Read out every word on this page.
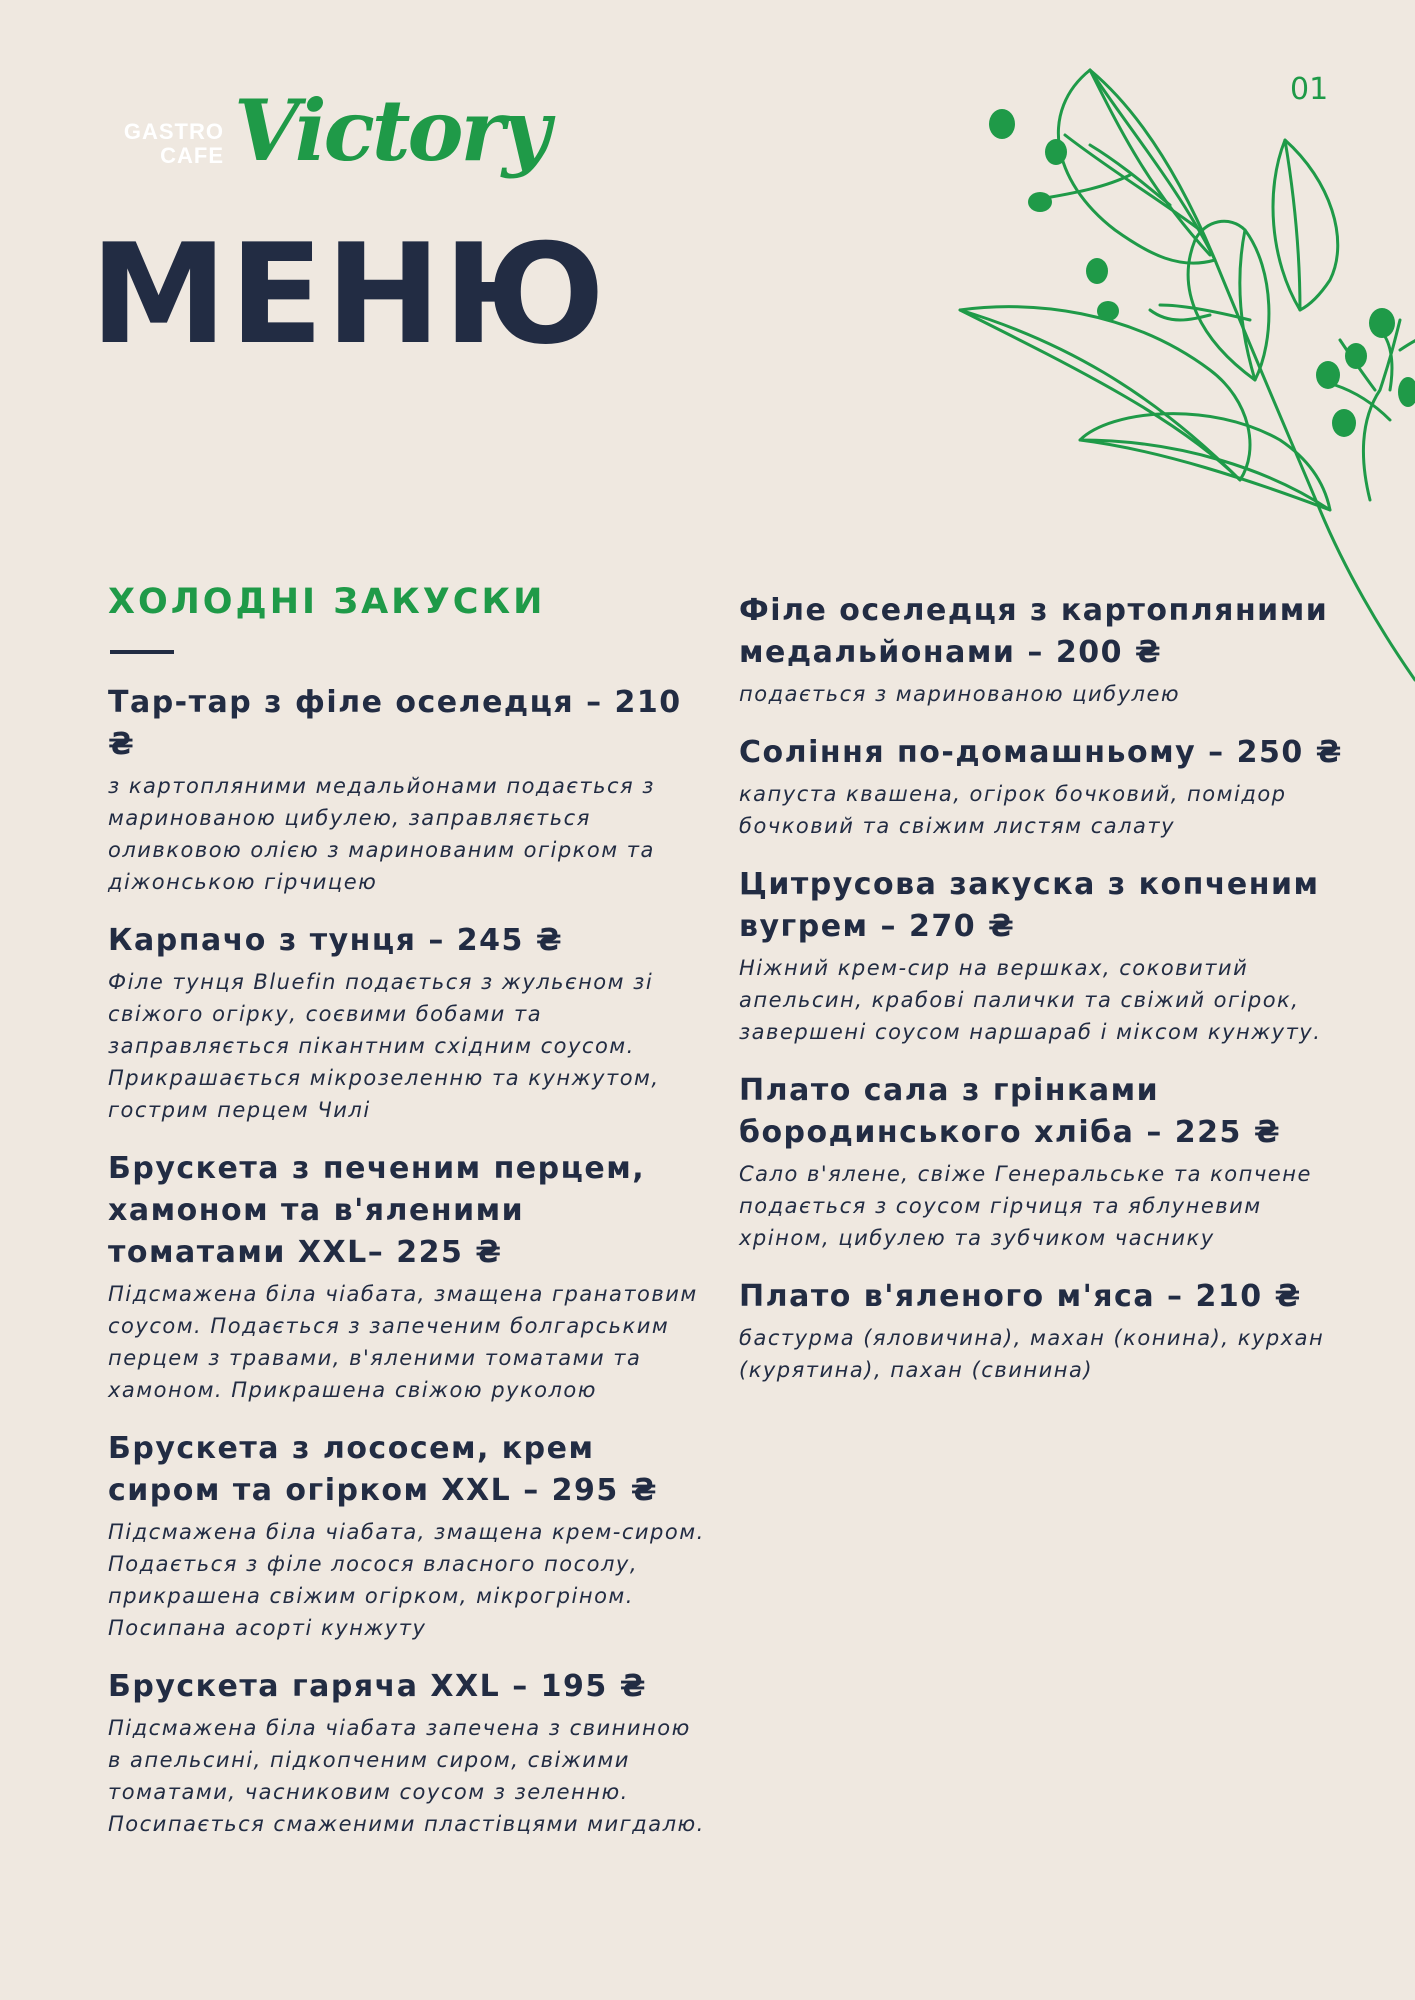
GASTRO
CAFE Victory
МЕНЮ
01
ХОЛОДНІ ЗАКУСКИ
Тар-тар з філе оселедця – 210 ₴

з картопляними медальйонами подається з маринованою цибулею, заправляється оливковою олією з маринованим огірком та діжонською гірчицею

Карпачо з тунця – 245 ₴

Філе тунця Bluefin подається з жульєном зі свіжого огірку, соєвими бобами та заправляється пікантним східним соусом. Прикрашається мікрозеленню та кунжутом, гострим перцем Чилі

Брускета з печеним перцем, хамоном та в'яленими томатами XXL– 225 ₴

Підсмажена біла чіабата, змащена гранатовим соусом. Подається з запеченим болгарським перцем з травами, в'яленими томатами та хамоном. Прикрашена свіжою руколою

Брускета з лососем, крем сиром та огірком XXL – 295 ₴

Підсмажена біла чіабата, змащена крем-сиром. Подається з філе лосося власного посолу, прикрашена свіжим огірком, мікрогріном. Посипана асорті кунжуту

Брускета гаряча XXL – 195 ₴

Підсмажена біла чіабата запечена з свининою в апельсині, підкопченим сиром, свіжими томатами, часниковим соусом з зеленню. Посипається смаженими пластівцями мигдалю.

Філе оселедця з картопляними медальйонами – 200 ₴

подається з маринованою цибулею

Соління по-домашньому – 250 ₴

капуста квашена, огірок бочковий, помідор бочковий та свіжим листям салату

Цитрусова закуска з копченим вугрем – 270 ₴

Ніжний крем-сир на вершках, соковитий апельсин, крабові палички та свіжий огірок, завершені соусом наршараб і міксом кунжуту.

Плато сала з грінками бородинського хліба – 225 ₴

Сало в'ялене, свіже Генеральське та копчене подається з соусом гірчиця та яблуневим хріном, цибулею та зубчиком часнику

Плато в'яленого м'яса – 210 ₴

бастурма (яловичина), махан (конина), курхан (курятина), пахан (свинина)
